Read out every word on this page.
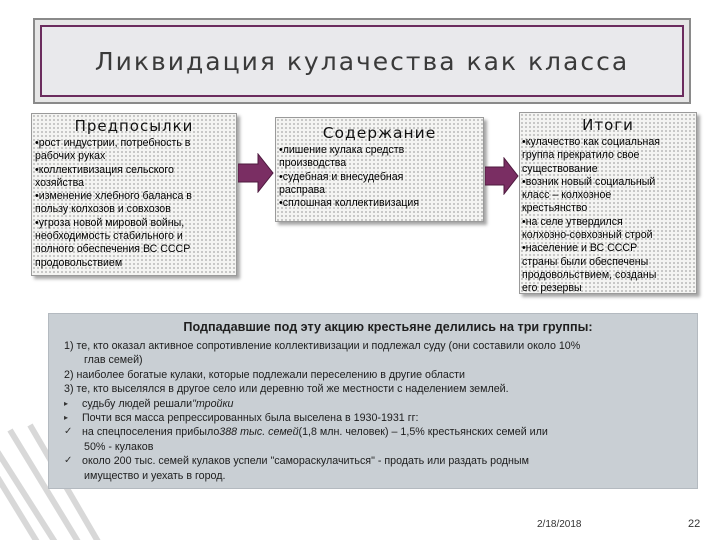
Ликвидация кулачества как класса
Предпосылки
•рост индустрии, потребность в
рабочих руках
•коллективизация сельского
хозяйства
•изменение хлебного баланса в
пользу колхозов и совхозов
•угроза новой мировой войны,
необходимость стабильного и
полного обеспечения ВС СССР
продовольствием
Содержание
•лишение кулака средств
производства
•судебная и внесудебная
расправа
•сплошная коллективизация
Итоги
•кулачество как социальная
группа прекратило свое
существование
•возник новый социальный
класс – колхозное
крестьянство
•на селе утвердился
колхозно-совхозный строй
•население и ВС СССР
страны были обеспечены
продовольствием, созданы
его резервы
Подпадавшие под эту акцию крестьяне делились на три группы:
1) те, кто оказал активное сопротивление коллективизации и подлежал суду (они составили около 10%
глав семей)
2) наиболее богатые кулаки, которые подлежали переселению в другие области
3) те, кто выселялся в другое село или деревню той же местности с наделением землей.
▸	судьбу людей решали "тройки
▸	Почти вся масса репрессированных была выселена в 1930-1931 гг:
✓ на спецпоселения прибыло 388 тыс. семей (1,8 млн. человек) – 1,5% крестьянских семей или
50% - кулаков
✓ около 200 тыс. семей кулаков успели "самораскулачиться" - продать или раздать родным
имущество и уехать в город.
2/18/2018	22
